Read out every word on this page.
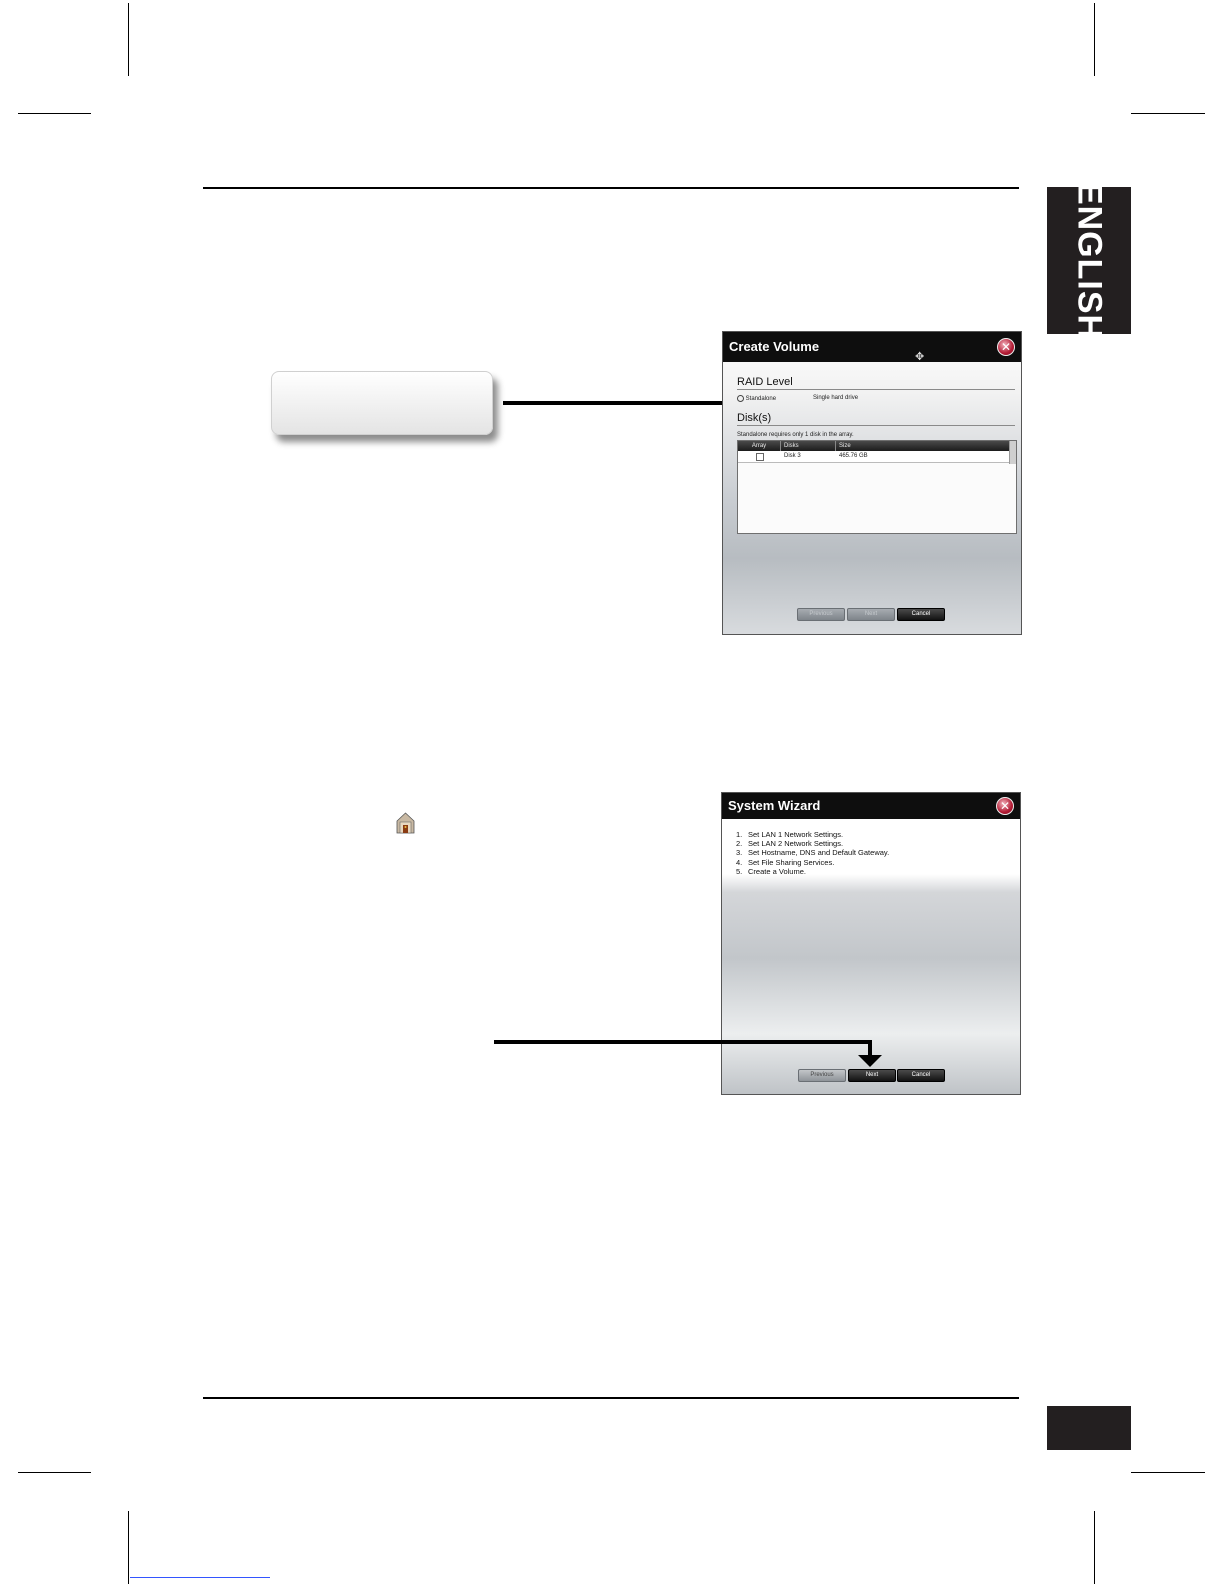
ENGLISH
Create Volume
✥
✕
RAID Level
Standalone	Single hard drive
Disk(s)
Standalone requires only 1 disk in the array.
Array	Disks	Size
Disk 3	465.76 GB
Previous	Next	Cancel
System Wizard	✕
1. Set LAN 1 Network Settings.
2. Set LAN 2 Network Settings.
3. Set Hostname, DNS and Default Gateway.
4. Set File Sharing Services.
5. Create a Volume.
Previous	Next	Cancel
